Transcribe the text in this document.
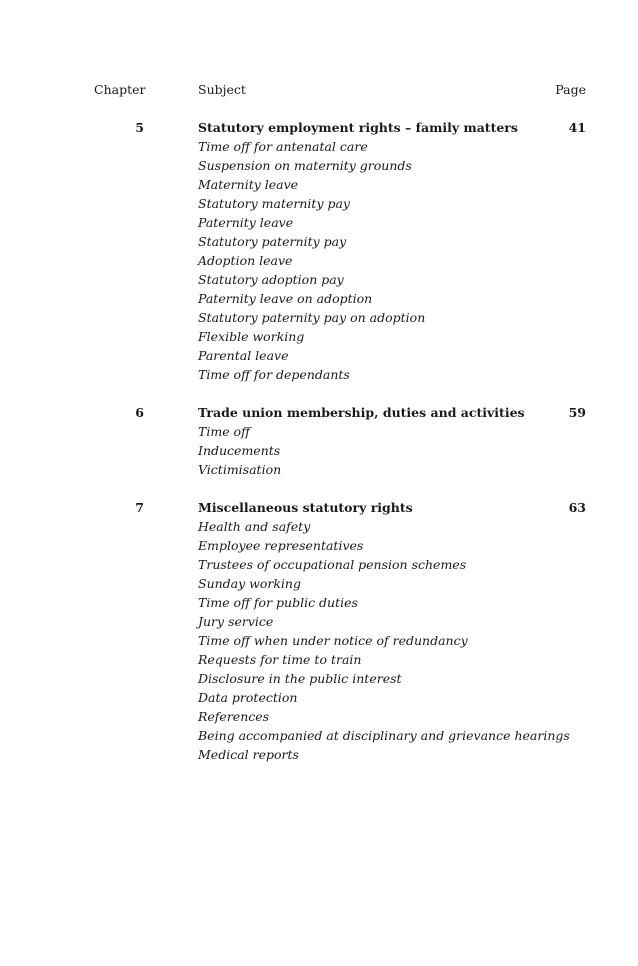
Chapter	Subject	Page
5	Statutory employment rights – family matters	41
Time off for antenatal care
Suspension on maternity grounds
Maternity leave
Statutory maternity pay
Paternity leave
Statutory paternity pay
Adoption leave
Statutory adoption pay
Paternity leave on adoption
Statutory paternity pay on adoption
Flexible working
Parental leave
Time off for dependants
6	Trade union membership, duties and activities	59
Time off
Inducements
Victimisation
7	Miscellaneous statutory rights	63
Health and safety
Employee representatives
Trustees of occupational pension schemes
Sunday working
Time off for public duties
Jury service
Time off when under notice of redundancy
Requests for time to train
Disclosure in the public interest
Data protection
References
Being accompanied at disciplinary and grievance hearings
Medical reports
